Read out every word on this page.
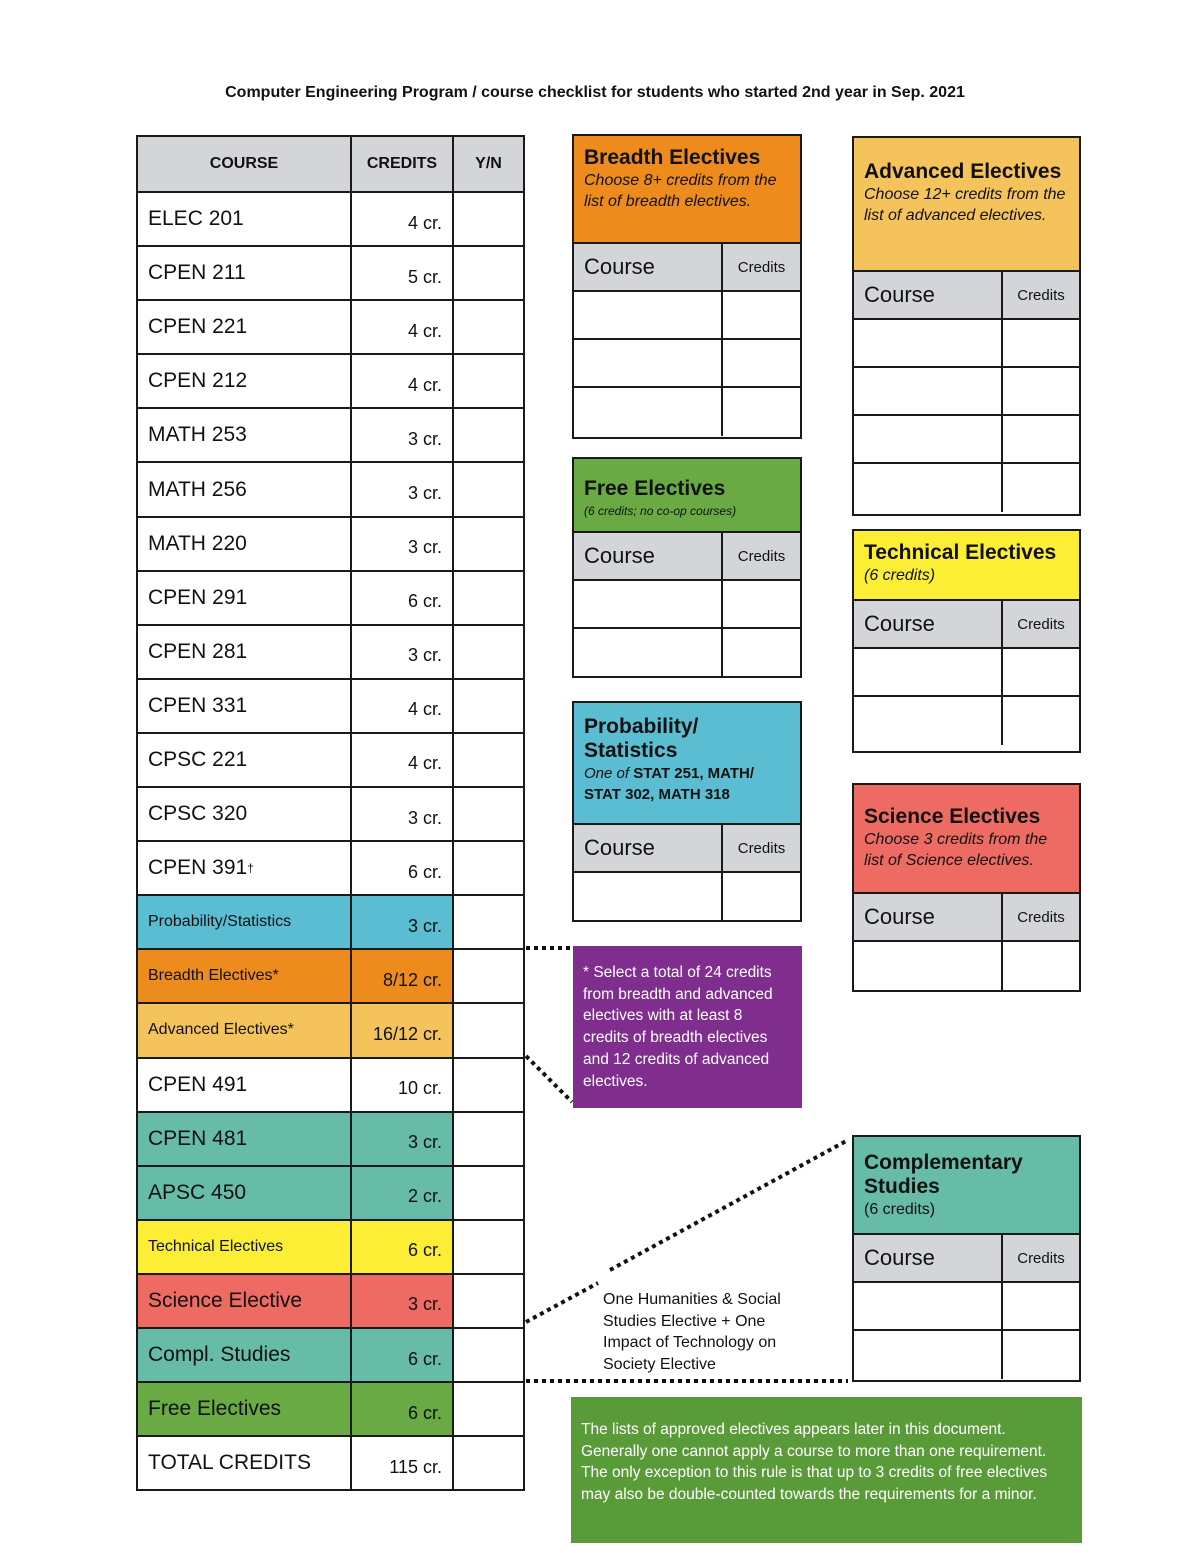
Computer Engineering Program / course checklist for students who started 2nd year in Sep. 2021
COURSE	CREDITS	Y/N
ELEC 201	4 cr.
CPEN 211	5 cr.
CPEN 221	4 cr.
CPEN 212	4 cr.
MATH 253	3 cr.
MATH 256	3 cr.
MATH 220	3 cr.
CPEN 291	6 cr.
CPEN 281	3 cr.
CPEN 331	4 cr.
CPSC 221	4 cr.
CPSC 320	3 cr.
CPEN 391 †	6 cr.
Probability/Statistics	3 cr.
Breadth Electives*	8/12 cr.
Advanced Electives*	16/12 cr.
CPEN 491	10 cr.
CPEN 481	3 cr.
APSC 450	2 cr.
Technical Electives	6 cr.
Science Elective	3 cr.
Compl. Studies	6 cr.
Free Electives	6 cr.
TOTAL CREDITS	115 cr.
Breadth Electives
Choose 8+ credits from the list of breadth electives.
Course	Credits
Free Electives
(6 credits; no co-op courses)
Course	Credits
Probability/ Statistics
One of STAT 251, MATH/ STAT 302, MATH 318
Course	Credits
Advanced Electives
Choose 12+ credits from the list of advanced electives.
Course	Credits
Technical Electives
(6 credits)
Course	Credits
Science Electives
Choose 3 credits from the list of Science electives.
Course	Credits
Complementary Studies
(6 credits)
Course	Credits
* Select a total of 24 credits from breadth and advanced electives with at least 8 credits of breadth electives and 12 credits of advanced electives.
One Humanities & Social Studies Elective + One Impact of Technology on Society Elective
The lists of approved electives appears later in this document. Generally one cannot apply a course to more than one requirement. The only exception to this rule is that up to 3 credits of free electives may also be double-counted towards the requirements for a minor.
